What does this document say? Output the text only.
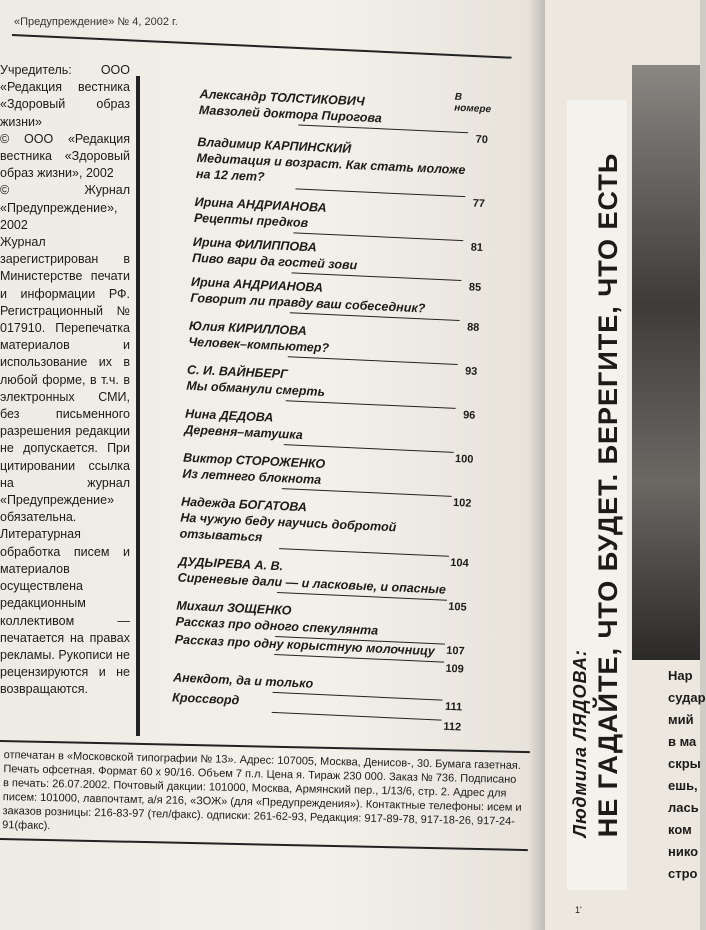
«Предупреждение» № 4, 2002 г.

Учредитель: ООО «Редакция вестника «Здоровый образ жизни»

© ООО «Редакция вестника «Здоровый образ жизни», 2002

© Журнал «Предупреждение», 2002

Журнал зарегистрирован в Министерстве печати и информации РФ. Регистрационный № 017910. Перепечатка материалов и использование их в любой форме, в т.ч. в электронных СМИ, без письменного разрешения редакции не допускается. При цитировании ссылка на журнал «Предупреждение» обязательна. Литературная обработка писем и материалов осуществлена редакционным коллективом — печатается на правах рекламы. Рукописи не рецензируются и не возвращаются.

В номере
Александр ТОЛСТИКОВИЧ
Мавзолей доктора Пирогова
70
Владимир КАРПИНСКИЙ
Медитация и возраст. Как стать моложе на 12 лет?
77
Ирина АНДРИАНОВА
Рецепты предков
81
Ирина ФИЛИППОВА
Пиво вари да гостей зови
85
Ирина АНДРИАНОВА
Говорит ли правду ваш собеседник?
88
Юлия КИРИЛЛОВА
Человек–компьютер?
93
С. И. ВАЙНБЕРГ
Мы обманули смерть
96
Нина ДЕДОВА
Деревня–матушка
100
Виктор СТОРОЖЕНКО
Из летнего блокнота
102
Надежда БОГАТОВА
На чужую беду научись добротой отзываться
104
ДУДЫРЕВА А. В.
Сиреневые дали — и ласковые, и опасные
105
Михаил ЗОЩЕНКО
Рассказ про одного спекулянта
107
Рассказ про одну корыстную молочницу
109
Анекдот, да и только
111
Кроссворд
112
отпечатан в «Московской типографии № 13». Адрес: 107005, Москва, Денисов-, 30. Бумага газетная. Печать офсетная. Формат 60 х 90/16. Объем 7 п.л. Цена я. Тираж 230 000. Заказ № 736. Подписано в печать: 26.07.2002. Почтовый дакции: 101000, Москва, Армянский пер., 1/13/6, стр. 2. Адрес для писем: 101000, лавпочтамт, а/я 216, «ЗОЖ» (для «Предупреждения»). Контактные телефоны: исем и заказов розницы: 216-83-97 (тел/факс). одписки: 261-62-93, Редакция: 917-89-78, 917-18-26, 917-24-91(факс).	Людмила ЛЯДОВА: НЕ ГАДАЙТЕ, ЧТО БУДЕТ. БЕРЕГИТЕ, ЧТО ЕСТЬ	Нар
судар
мий
в ма
скры
ешь,
лась
ком
нико
стро
1'
